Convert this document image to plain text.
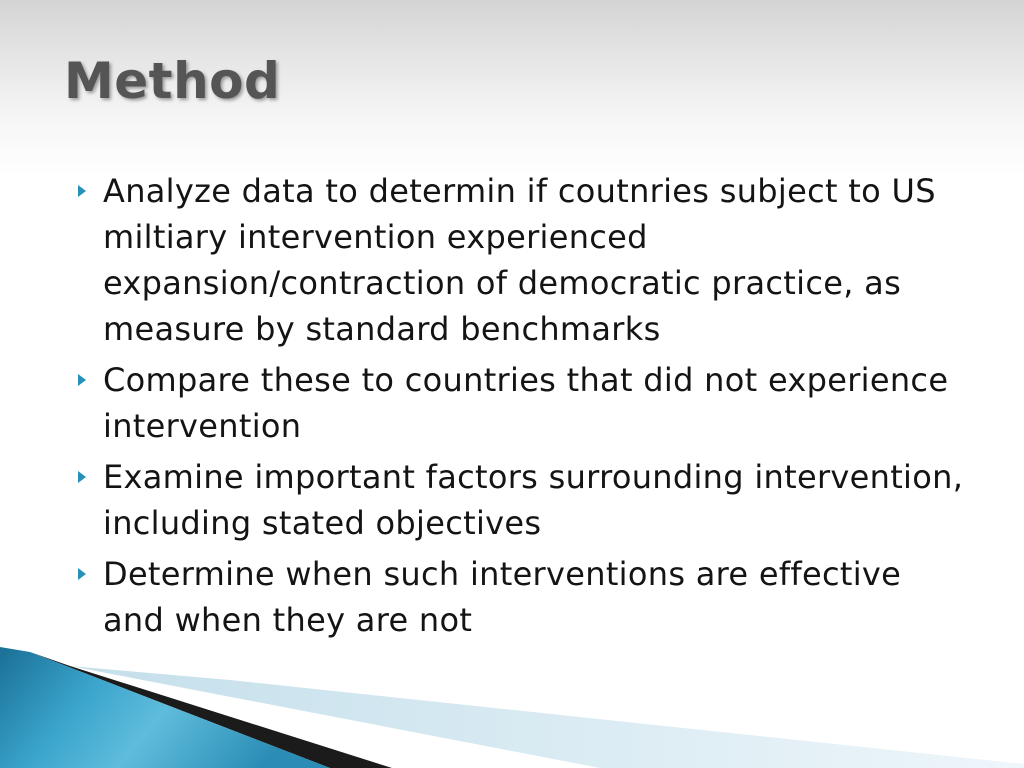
Method
Analyze data to determin if coutnries subject to US miltiary intervention experienced expansion/contraction of democratic practice, as measure by standard benchmarks
Compare these to countries that did not experience intervention
Examine important factors surrounding intervention, including stated objectives
Determine when such interventions are effective and when they are not
